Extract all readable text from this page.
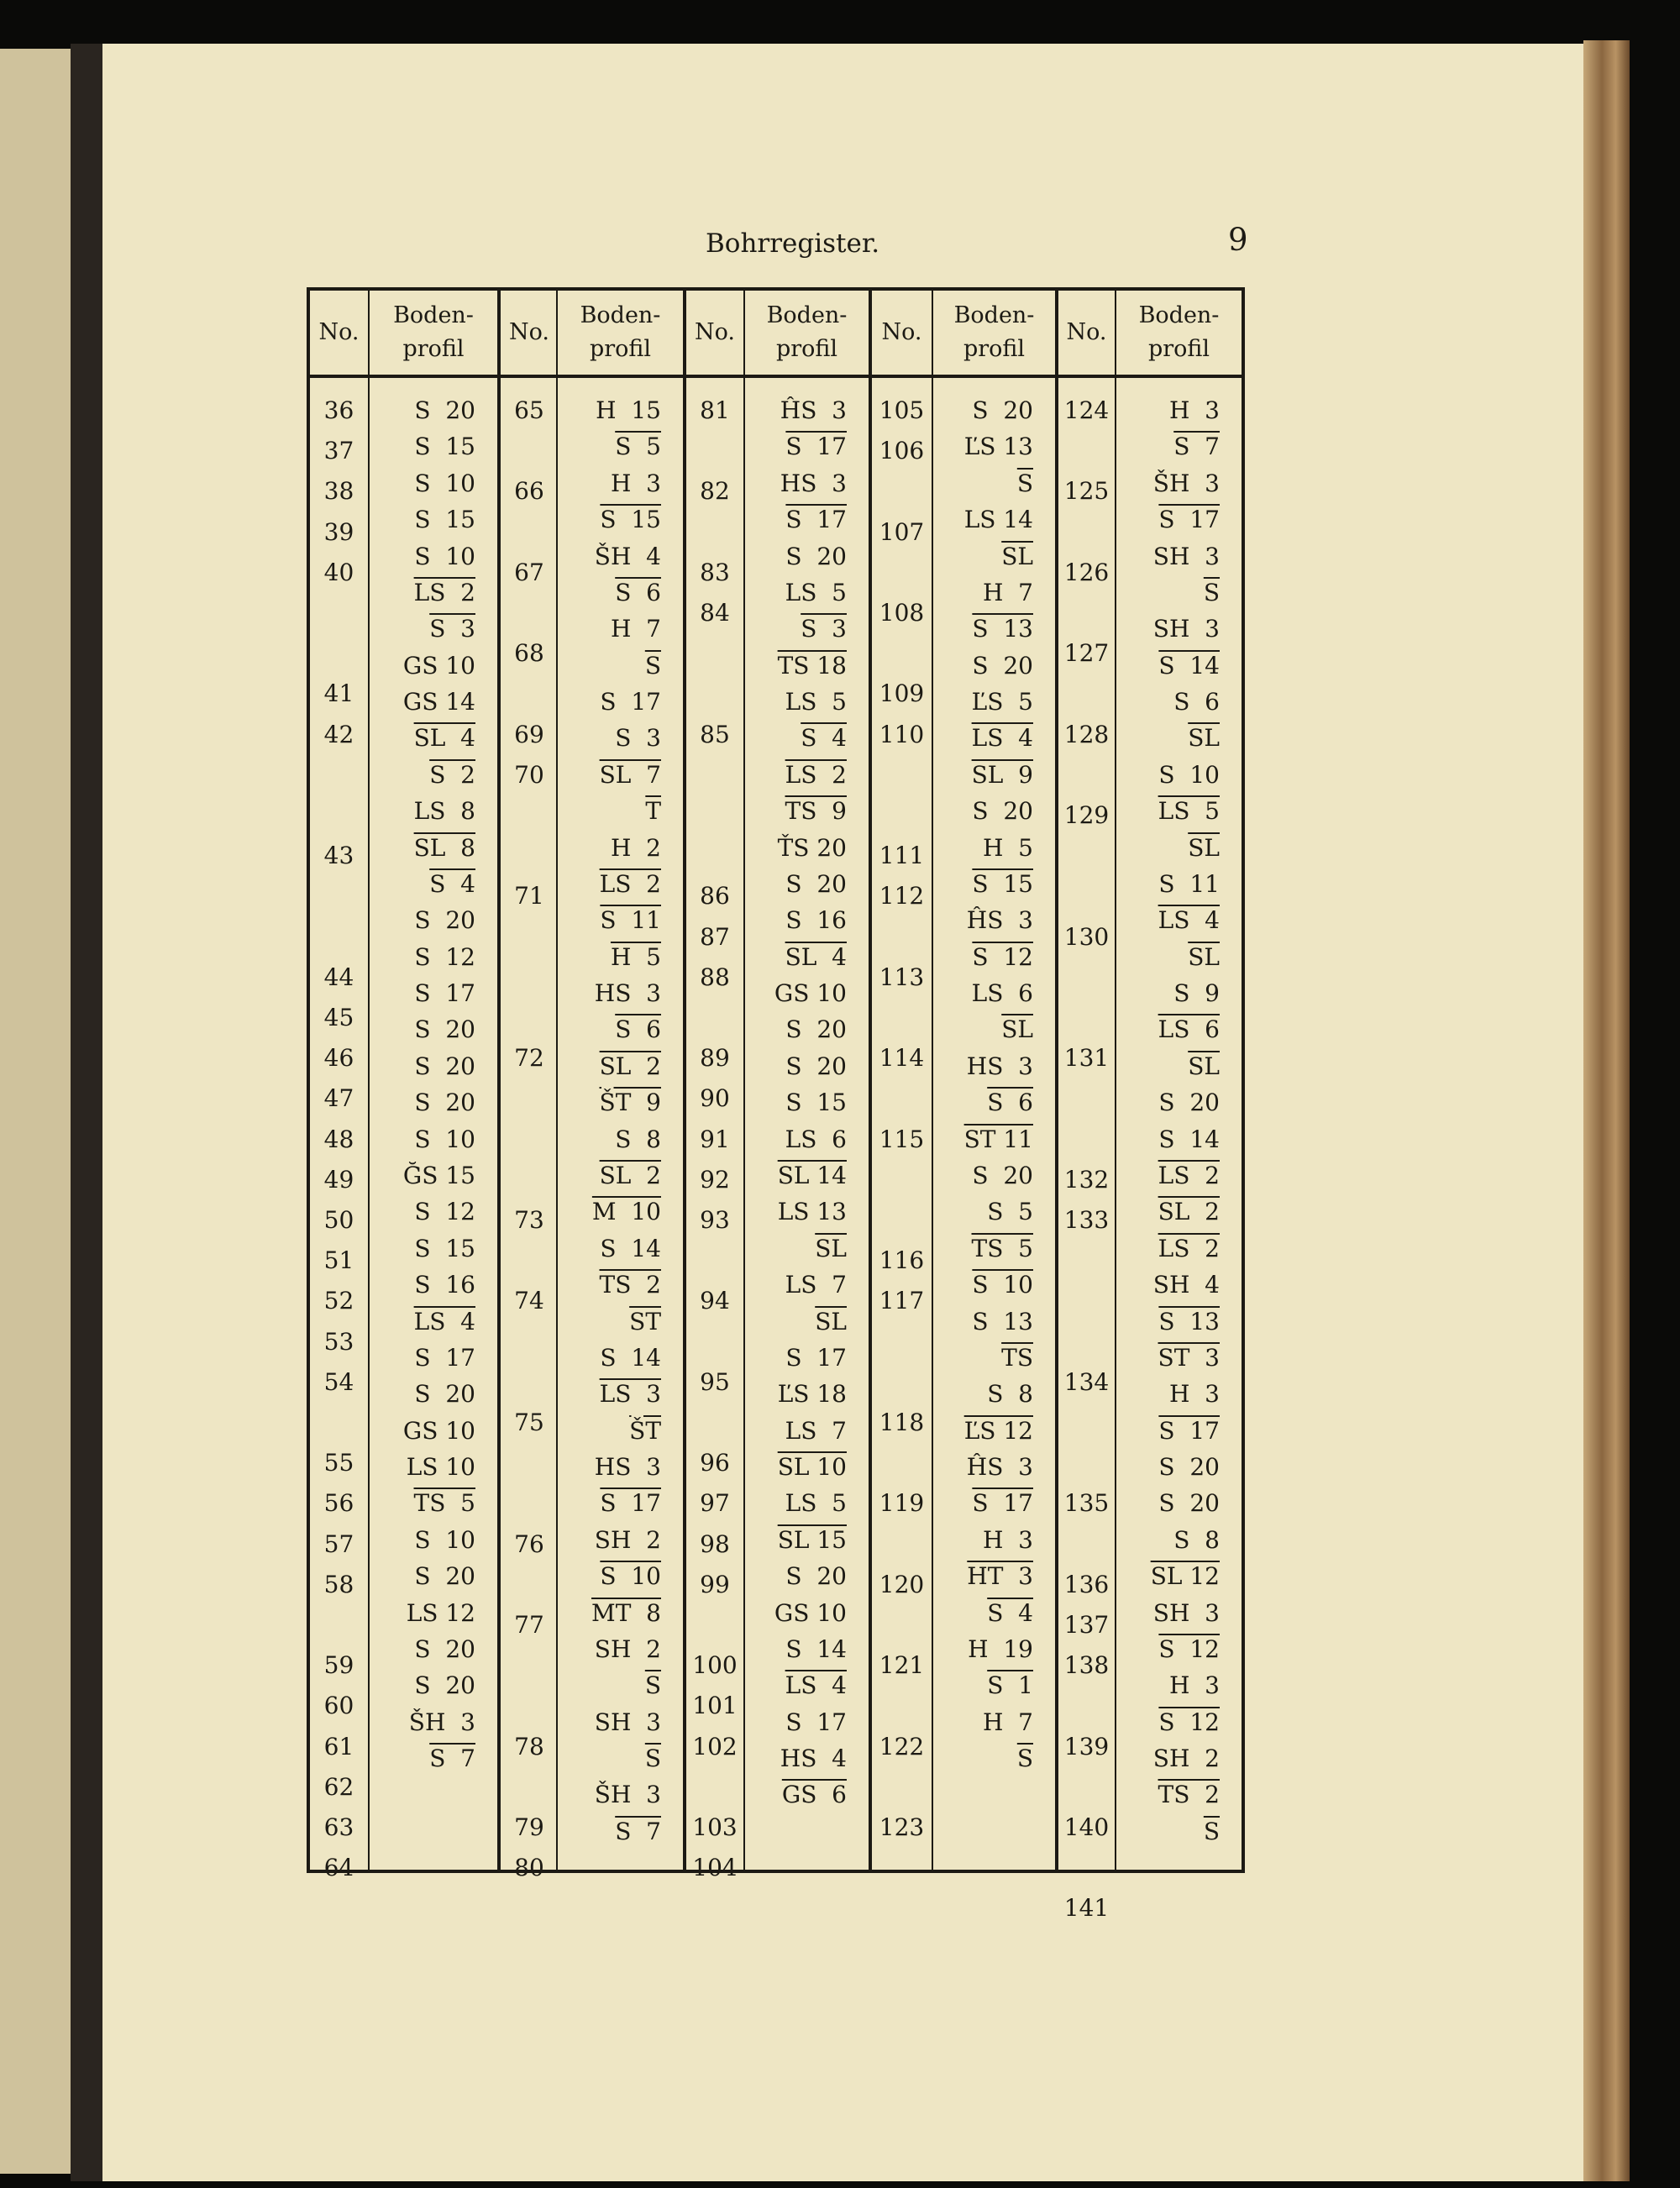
Bohrregister.	9
No.
Boden-
profil
No.
Boden-
profil
No.
Boden-
profil
No.
Boden-
profil
No.
Boden-
profil
36
37
38
39
40
41
42
43
44
45
46
47
48
49
50
51
52
53
54
55
56
57
58
59
60
61
62
63
64
S  20
S  15
S  10
S  15
S  10
LS  2
S  3
GS 10
GS 14
SL  4
S  2
LS  8
SL  8
S  4
S  20
S  12
S  17
S  20
S  20
S  20
S  10
ĞS 15
S  12
S  15
S  16
LS  4
S  17
S  20
GS 10
LS 10
TS  5
S  10
S  20
LS 12
S  20
S  20
ŠH  3
S  7
65
66
67
68
69
70
71
72
73
74
75
76
77
78
79
80
H  15
S  5
H  3
S  15
ŠH  4
S  6
H  7
$\overline{S}$
S  17
S  3
SL  7
$\overline{T}$
H  2
LS  2
S  11
H  5
HS  3
S  6
SL  2
ŠT  9
S  8
SL  2
M  10
S  14
TS  2
$\overline{ST}$
S  14
LS  3
$\overline{ŠT}$
HS  3
S  17
SH  2
S  10
MT  8
SH  2
$\overline{S}$
SH  3
$\overline{S}$
ŠH  3
S  7
81
82
83
84
85
86
87
88
89
90
91
92
93
94
95
96
97
98
99
100
101
102
103
104
ĤS  3
S  17
HS  3
S  17
S  20
LS  5
S  3
TS 18
LS  5
S  4
LS  2
TS  9
ŤS 20
S  20
S  16
SL  4
GS 10
S  20
S  20
S  15
LS  6
SL 14
LS 13
$\overline{SL}$
LS  7
$\overline{SL}$
S  17
ĽS 18
LS  7
SL 10
LS  5
SL 15
S  20
GS 10
S  14
LS  4
S  17
HS  4
GS  6
105
106
107
108
109
110
111
112
113
114
115
116
117
118
119
120
121
122
123
S  20
ĽS 13
$\overline{S}$
LS 14
$\overline{SL}$
H  7
S  13
S  20
ĽS  5
LS  4
SL  9
S  20
H  5
S  15
ĤS  3
S  12
LS  6
$\overline{SL}$
HS  3
S  6
ST 11
S  20
S  5
TS  5
S  10
S  13
$\overline{TS}$
S  8
ĽS 12
ĤS  3
S  17
H  3
HT  3
S  4
H  19
S  1
H  7
$\overline{S}$
124
125
126
127
128
129
130
131
132
133
134
135
136
137
138
139
140
141
H  3
S  7
ŠH  3
S  17
SH  3
$\overline{S}$
SH  3
S  14
S  6
$\overline{SL}$
S  10
LS  5
$\overline{SL}$
S  11
LS  4
$\overline{SL}$
S  9
LS  6
$\overline{SL}$
S  20
S  14
LS  2
SL  2
LS  2
SH  4
S  13
ST  3
H  3
S  17
S  20
S  20
S  8
SL 12
SH  3
S  12
H  3
S  12
SH  2
TS  2
$\overline{S}$
